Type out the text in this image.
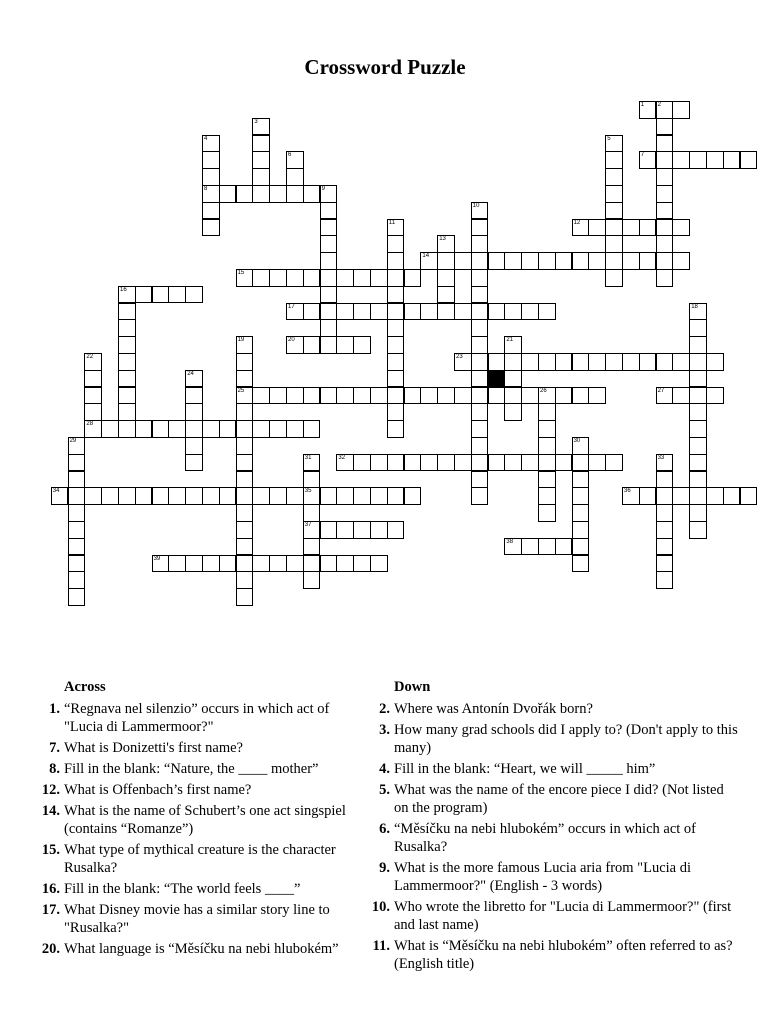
Crossword Puzzle
1 2
3
4
8
5
6	7
9
10
11	12
13
14
15
16
17	18
19
25
20	21
22
28
23
24
26	27
29	30
31
35
37
32	33
34	36
38
39
Across
1. “Regnava nel silenzio” occurs in which act of "Lucia di Lammermoor?"
7. What is Donizetti's first name?
8. Fill in the blank: “Nature, the ____ mother”
12. What is Offenbach’s first name?
14. What is the name of Schubert’s one act singspiel (contains “Romanze”)
15. What type of mythical creature is the character Rusalka?
16. Fill in the blank: “The world feels ____”
17. What Disney movie has a similar story line to "Rusalka?"
20. What language is “Měsíčku na nebi hlubokém”
Down
2. Where was Antonín Dvořák born?
3. How many grad schools did I apply to? (Don't apply to this many)
4. Fill in the blank: “Heart, we will _____ him”
5. What was the name of the encore piece I did? (Not listed on the program)
6. “Měsíčku na nebi hlubokém” occurs in which act of Rusalka?
9. What is the more famous Lucia aria from "Lucia di Lammermoor?" (English - 3 words)
10. Who wrote the libretto for "Lucia di Lammermoor?" (first and last name)
11. What is “Měsíčku na nebi hlubokém” often referred to as? (English title)
